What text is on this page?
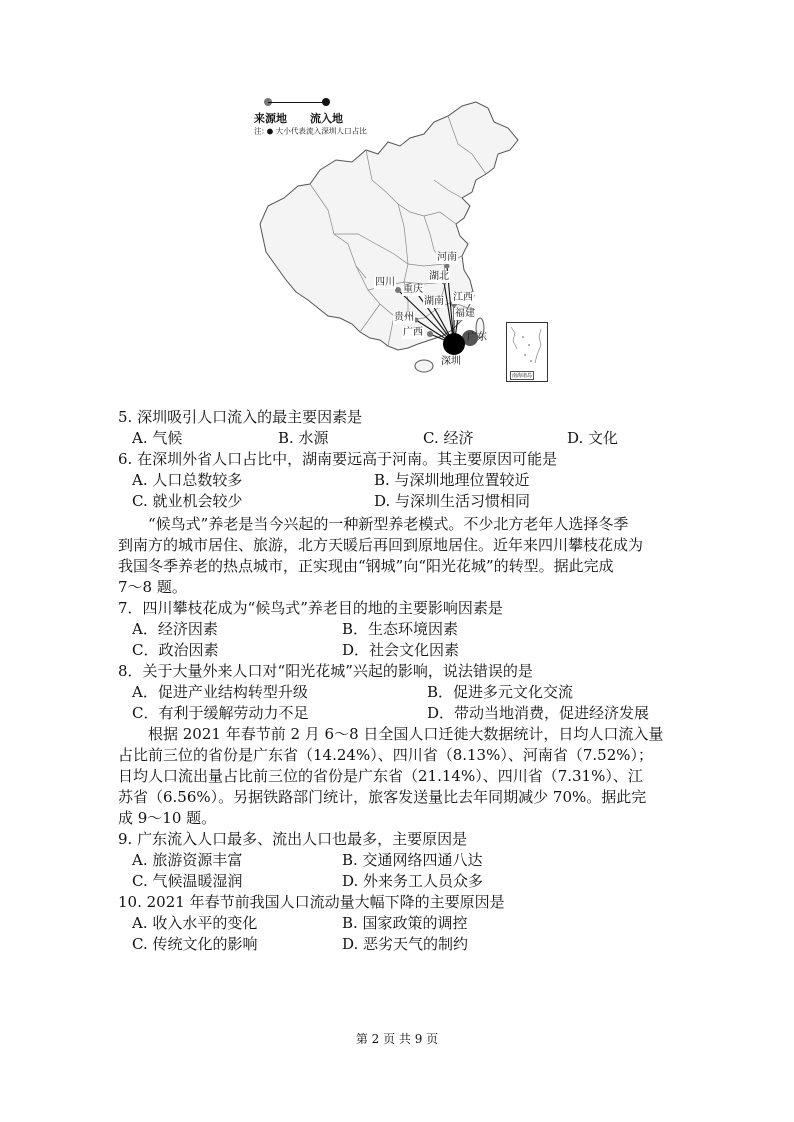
来源地 流入地
注: ● 大小代表流入深圳人口占比
河南
湖北
四川
重庆
湖南 江西
福建
贵州
广西	广东
深圳
南海诸岛
5. 深圳吸引人口流入的最主要因素是
A. 气候	B. 水源	C. 经济	D. 文化
6. 在深圳外省人口占比中，湖南要远高于河南。其主要原因可能是
A. 人口总数较多	B. 与深圳地理位置较近
C. 就业机会较少	D. 与深圳生活习惯相同
“候鸟式”养老是当今兴起的一种新型养老模式。不少北方老年人选择冬季
到南方的城市居住、旅游，北方天暖后再回到原地居住。近年来四川攀枝花成为
我国冬季养老的热点城市，正实现由“钢城”向“阳光花城”的转型。据此完成
7～8 题。
7．四川攀枝花成为“候鸟式”养老目的地的主要影响因素是
A．经济因素	B．生态环境因素
C．政治因素	D．社会文化因素
8．关于大量外来人口对“阳光花城”兴起的影响，说法错误的是
A．促进产业结构转型升级	B．促进多元文化交流
C．有利于缓解劳动力不足	D．带动当地消费，促进经济发展
根据 2021 年春节前 2 月 6～8 日全国人口迁徙大数据统计，日均人口流入量
占比前三位的省份是广东省（14.24%）、四川省（8.13%）、河南省（7.52%）；
日均人口流出量占比前三位的省份是广东省（21.14%）、四川省（7.31%）、江
苏省（6.56%）。另据铁路部门统计，旅客发送量比去年同期减少 70%。据此完
成 9～10 题。
9. 广东流入人口最多、流出人口也最多，主要原因是
A. 旅游资源丰富	B. 交通网络四通八达
C. 气候温暖湿润	D. 外来务工人员众多
10. 2021 年春节前我国人口流动量大幅下降的主要原因是
A. 收入水平的变化	B. 国家政策的调控
C. 传统文化的影响	D. 恶劣天气的制约
第 2 页 共 9 页
